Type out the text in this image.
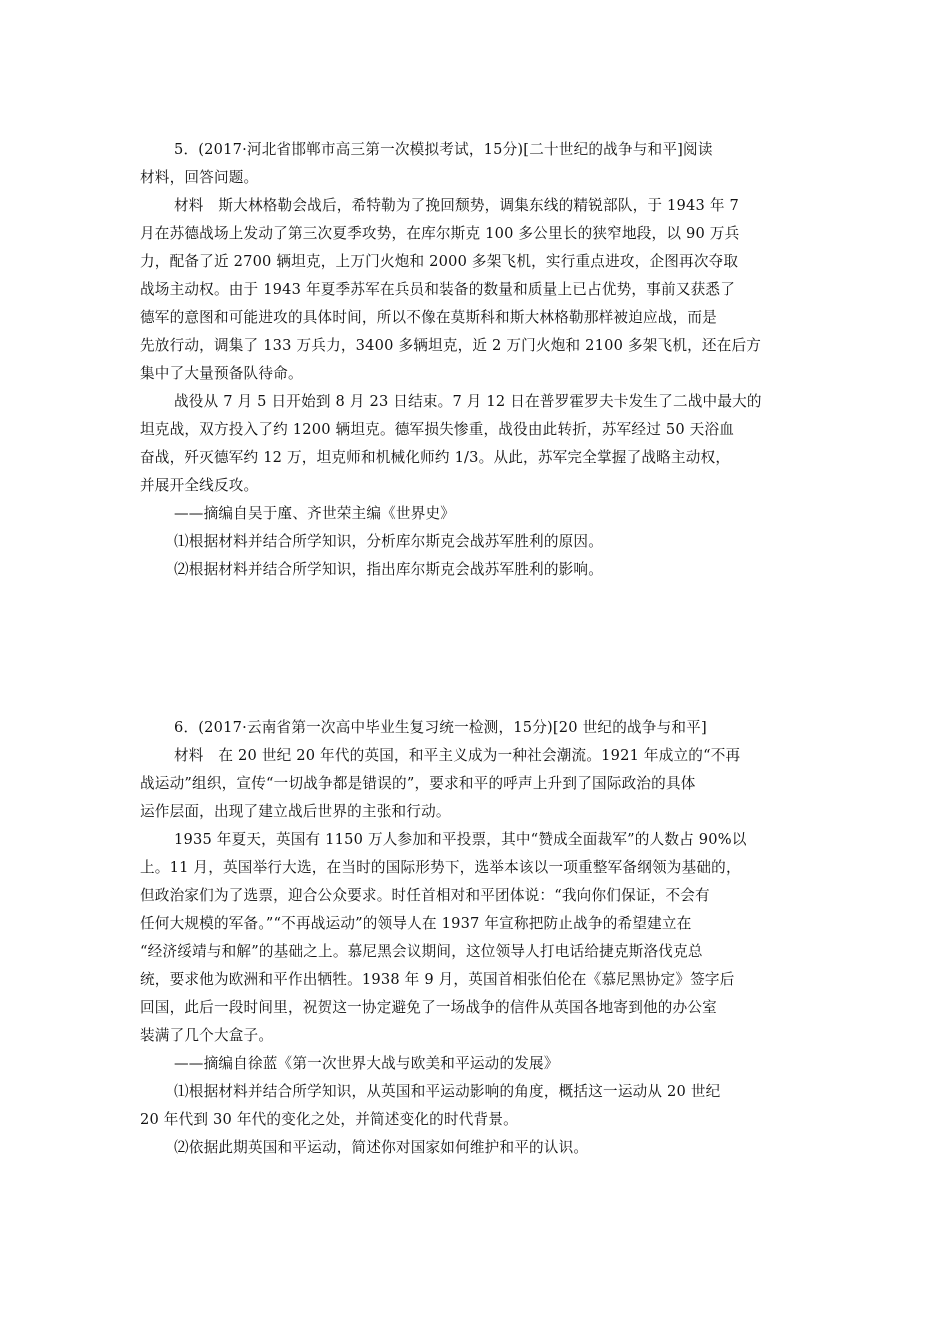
5．(2017·河北省邯郸市高三第一次模拟考试，15分)[二十世纪的战争与和平]阅读
材料，回答问题。
材料　斯大林格勒会战后，希特勒为了挽回颓势，调集东线的精锐部队，于 1943 年 7
月在苏德战场上发动了第三次夏季攻势，在库尔斯克 100 多公里长的狭窄地段，以 90 万兵
力，配备了近 2700 辆坦克，上万门火炮和 2000 多架飞机，实行重点进攻，企图再次夺取
战场主动权。由于 1943 年夏季苏军在兵员和装备的数量和质量上已占优势，事前又获悉了
德军的意图和可能进攻的具体时间，所以不像在莫斯科和斯大林格勒那样被迫应战，而是
先放行动，调集了 133 万兵力，3400 多辆坦克，近 2 万门火炮和 2100 多架飞机，还在后方
集中了大量预备队待命。
战役从 7 月 5 日开始到 8 月 23 日结束。7 月 12 日在普罗霍罗夫卡发生了二战中最大的
坦克战，双方投入了约 1200 辆坦克。德军损失惨重，战役由此转折，苏军经过 50 天浴血
奋战，歼灭德军约 12 万，坦克师和机械化师约 1/3。从此，苏军完全掌握了战略主动权，
并展开全线反攻。
——摘编自吴于廑、齐世荣主编《世界史》
⑴根据材料并结合所学知识，分析库尔斯克会战苏军胜利的原因。
⑵根据材料并结合所学知识，指出库尔斯克会战苏军胜利的影响。
6．(2017·云南省第一次高中毕业生复习统一检测，15分)[20 世纪的战争与和平]
材料　在 20 世纪 20 年代的英国，和平主义成为一种社会潮流。1921 年成立的“不再
战运动”组织，宣传“一切战争都是错误的”，要求和平的呼声上升到了国际政治的具体
运作层面，出现了建立战后世界的主张和行动。
1935 年夏天，英国有 1150 万人参加和平投票，其中“赞成全面裁军”的人数占 90%以
上。11 月，英国举行大选，在当时的国际形势下，选举本该以一项重整军备纲领为基础的，
但政治家们为了选票，迎合公众要求。时任首相对和平团体说：“我向你们保证，不会有
任何大规模的军备。”“不再战运动”的领导人在 1937 年宣称把防止战争的希望建立在
“经济绥靖与和解”的基础之上。慕尼黑会议期间，这位领导人打电话给捷克斯洛伐克总
统，要求他为欧洲和平作出牺牲。1938 年 9 月，英国首相张伯伦在《慕尼黑协定》签字后
回国，此后一段时间里，祝贺这一协定避免了一场战争的信件从英国各地寄到他的办公室
装满了几个大盒子。
——摘编自徐蓝《第一次世界大战与欧美和平运动的发展》
⑴根据材料并结合所学知识，从英国和平运动影响的角度，概括这一运动从 20 世纪
20 年代到 30 年代的变化之处，并简述变化的时代背景。
⑵依据此期英国和平运动，简述你对国家如何维护和平的认识。
